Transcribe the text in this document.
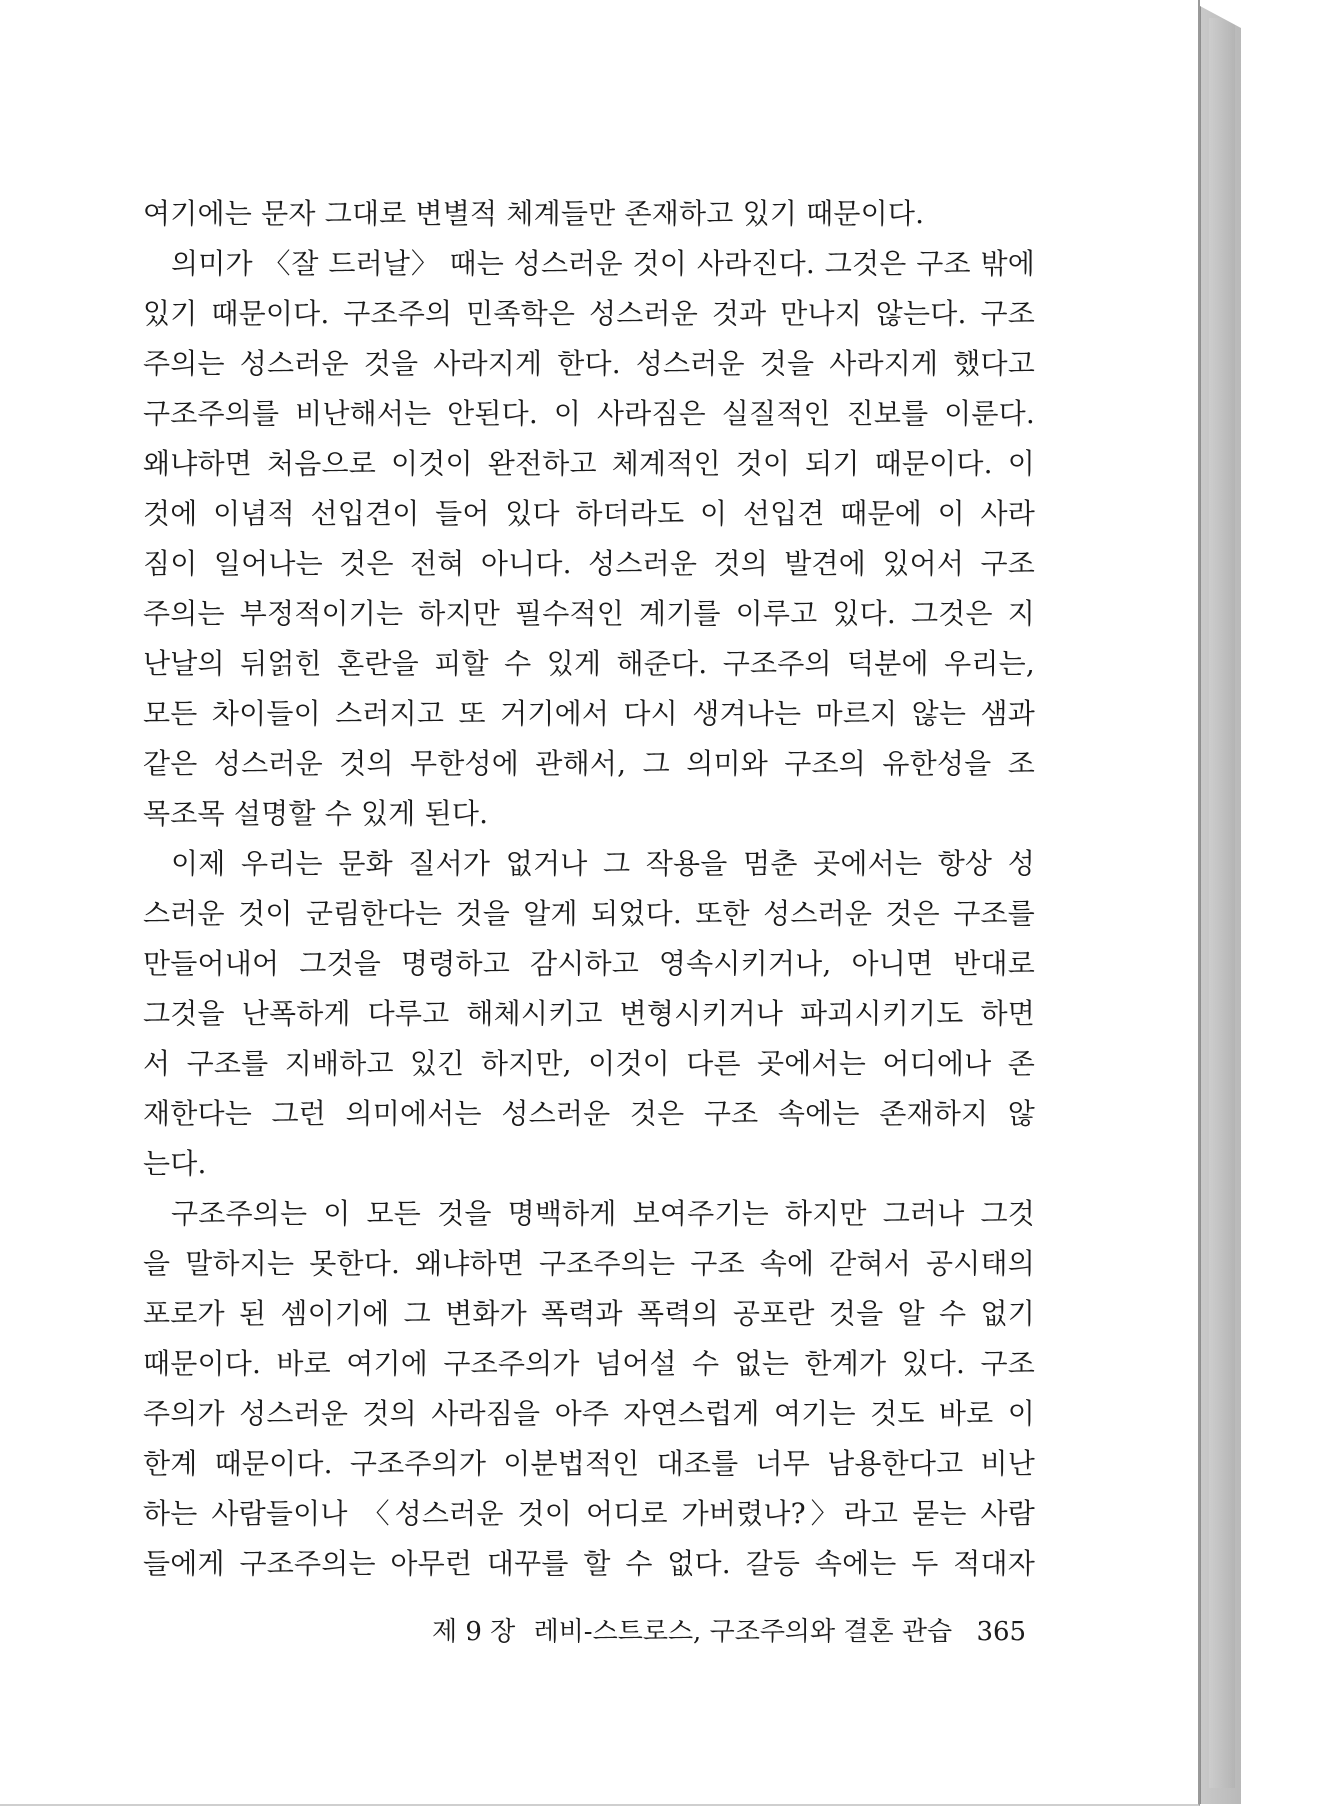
여기에는 문자 그대로 변별적 체계들만 존재하고 있기 때문이다.
의미가 〈잘 드러날〉 때는 성스러운 것이 사라진다. 그것은 구조 밖에
있기 때문이다. 구조주의 민족학은 성스러운 것과 만나지 않는다. 구조
주의는 성스러운 것을 사라지게 한다. 성스러운 것을 사라지게 했다고
구조주의를 비난해서는 안된다. 이 사라짐은 실질적인 진보를 이룬다.
왜냐하면 처음으로 이것이 완전하고 체계적인 것이 되기 때문이다. 이
것에 이념적 선입견이 들어 있다 하더라도 이 선입견 때문에 이 사라
짐이 일어나는 것은 전혀 아니다. 성스러운 것의 발견에 있어서 구조
주의는 부정적이기는 하지만 필수적인 계기를 이루고 있다. 그것은 지
난날의 뒤얽힌 혼란을 피할 수 있게 해준다. 구조주의 덕분에 우리는,
모든 차이들이 스러지고 또 거기에서 다시 생겨나는 마르지 않는 샘과
같은 성스러운 것의 무한성에 관해서, 그 의미와 구조의 유한성을 조
목조목 설명할 수 있게 된다.
이제 우리는 문화 질서가 없거나 그 작용을 멈춘 곳에서는 항상 성
스러운 것이 군림한다는 것을 알게 되었다. 또한 성스러운 것은 구조를
만들어내어 그것을 명령하고 감시하고 영속시키거나, 아니면 반대로
그것을 난폭하게 다루고 해체시키고 변형시키거나 파괴시키기도 하면
서 구조를 지배하고 있긴 하지만, 이것이 다른 곳에서는 어디에나 존
재한다는 그런 의미에서는 성스러운 것은 구조 속에는 존재하지 않
는다.
구조주의는 이 모든 것을 명백하게 보여주기는 하지만 그러나 그것
을 말하지는 못한다. 왜냐하면 구조주의는 구조 속에 갇혀서 공시태의
포로가 된 셈이기에 그 변화가 폭력과 폭력의 공포란 것을 알 수 없기
때문이다. 바로 여기에 구조주의가 넘어설 수 없는 한계가 있다. 구조
주의가 성스러운 것의 사라짐을 아주 자연스럽게 여기는 것도 바로 이
한계 때문이다. 구조주의가 이분법적인 대조를 너무 남용한다고 비난
하는 사람들이나 〈성스러운 것이 어디로 가버렸나?〉라고 묻는 사람
들에게 구조주의는 아무런 대꾸를 할 수 없다. 갈등 속에는 두 적대자
제 9 장 레비-스트로스, 구조주의와 결혼 관습 365
